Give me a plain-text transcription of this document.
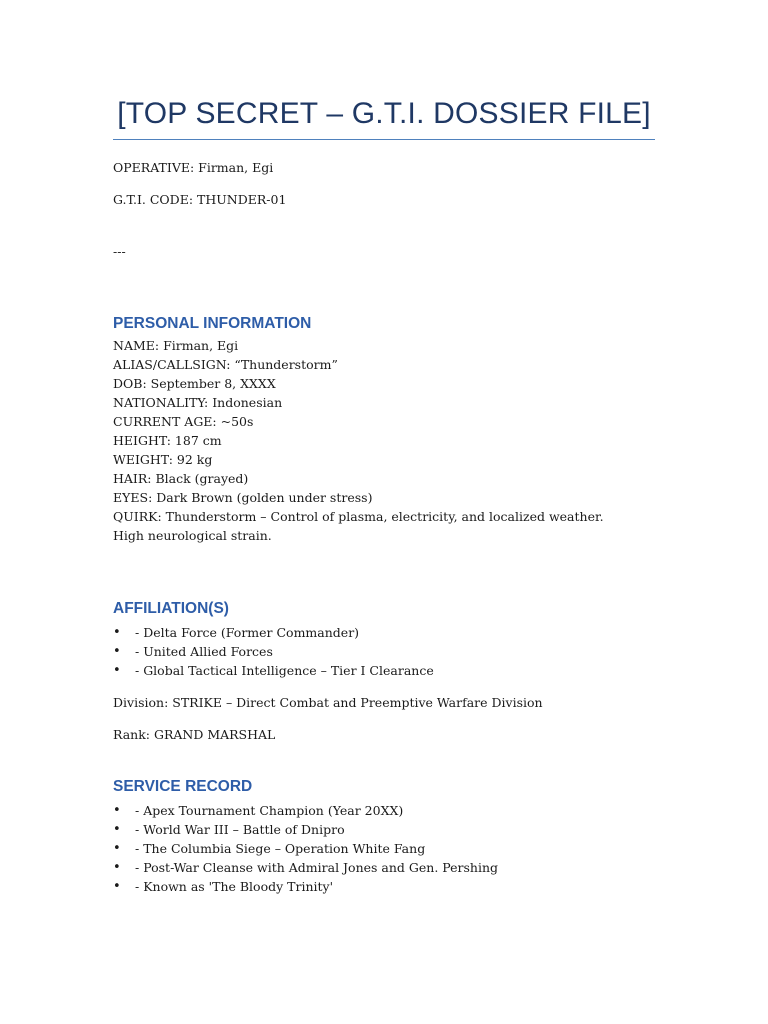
[TOP SECRET – G.T.I. DOSSIER FILE]

OPERATIVE: Firman, Egi

G.T.I. CODE: THUNDER-01

---

PERSONAL INFORMATION
NAME: Firman, Egi
ALIAS/CALLSIGN: “Thunderstorm”
DOB: September 8, XXXX
NATIONALITY: Indonesian
CURRENT AGE: ~50s
HEIGHT: 187 cm
WEIGHT: 92 kg
HAIR: Black (grayed)
EYES: Dark Brown (golden under stress)
QUIRK: Thunderstorm – Control of plasma, electricity, and localized weather. High neurological strain.
AFFILIATION(S)
• - Delta Force (Former Commander)
• - United Allied Forces
• - Global Tactical Intelligence – Tier I Clearance

Division: STRIKE – Direct Combat and Preemptive Warfare Division

Rank: GRAND MARSHAL

SERVICE RECORD
• - Apex Tournament Champion (Year 20XX)
• - World War III – Battle of Dnipro
• - The Columbia Siege – Operation White Fang
• - Post-War Cleanse with Admiral Jones and Gen. Pershing
• - Known as 'The Bloody Trinity'
